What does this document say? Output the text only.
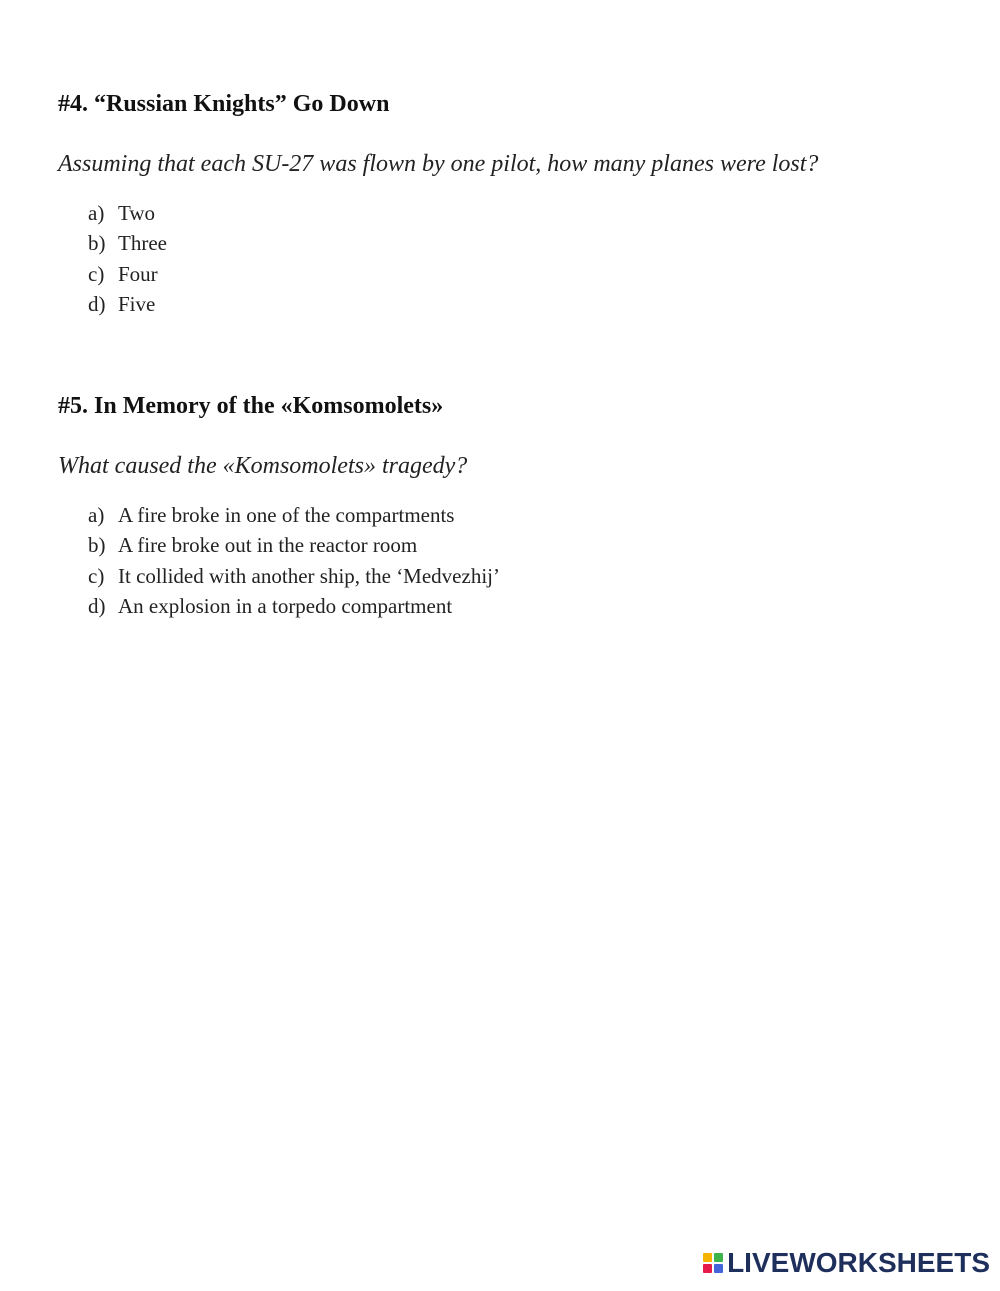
#4. “Russian Knights” Go Down

Assuming that each SU-27 was flown by one pilot, how many planes were lost?

a) Two
b) Three
c) Four
d) Five
#5. In Memory of the «Komsomolets»

What caused the «Komsomolets» tragedy?

a) A fire broke in one of the compartments
b) A fire broke out in the reactor room
c) It collided with another ship, the ‘Medvezhij’
d) An explosion in a torpedo compartment
LIVEWORKSHEETS
